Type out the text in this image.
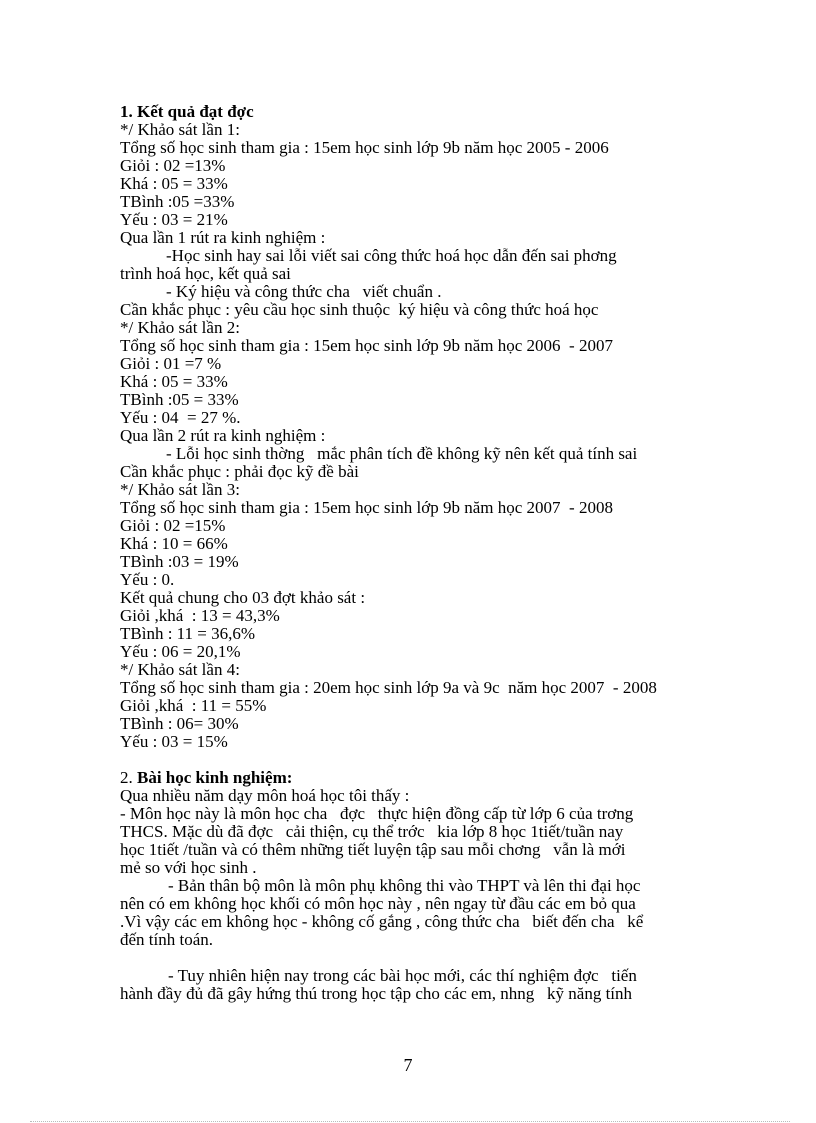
1. Kết quả đạt đợc
*/ Khảo sát lần 1:
Tổng số học sinh tham gia : 15em học sinh lớp 9b năm học 2005 - 2006
Giỏi : 02 =13%
Khá : 05 = 33%
TBình :05 =33%
Yếu : 03 = 21%
Qua lần 1 rút ra kinh nghiệm :
-Học sinh hay sai lỗi viết sai công thức hoá học dẫn đến sai phơng
trình hoá học, kết quả sai
- Ký hiệu và công thức cha   viết chuẩn .
Cần khắc phục : yêu cầu học sinh thuộc  ký hiệu và công thức hoá học
*/ Khảo sát lần 2:
Tổng số học sinh tham gia : 15em học sinh lớp 9b năm học 2006  - 2007
Giỏi : 01 =7 %
Khá : 05 = 33%
TBình :05 = 33%
Yếu : 04  = 27 %.
Qua lần 2 rút ra kinh nghiệm :
- Lỗi học sinh thờng   mắc phân tích đề không kỹ nên kết quả tính sai
Cần khắc phục : phải đọc kỹ đề bài
*/ Khảo sát lần 3:
Tổng số học sinh tham gia : 15em học sinh lớp 9b năm học 2007  - 2008
Giỏi : 02 =15%
Khá : 10 = 66%
TBình :03 = 19%
Yếu : 0.
Kết quả chung cho 03 đợt khảo sát :
Giỏi ,khá  : 13 = 43,3%
TBình : 11 = 36,6%
Yếu : 06 = 20,1%
*/ Khảo sát lần 4:
Tổng số học sinh tham gia : 20em học sinh lớp 9a và 9c  năm học 2007  - 2008
Giỏi ,khá  : 11 = 55%
TBình : 06= 30%
Yếu : 03 = 15%
2. Bài học kinh nghiệm:
Qua nhiều năm dạy môn hoá học tôi thấy :
- Môn học này là môn học cha   đợc   thực hiện đồng cấp từ lớp 6 của trơng
THCS. Mặc dù đã đợc   cải thiện, cụ thể trớc   kia lớp 8 học 1tiết/tuần nay
học 1tiết /tuần và có thêm những tiết luyện tập sau mỗi chơng   vẫn là mới
mẻ so với học sinh .
- Bản thân bộ môn là môn phụ không thi vào THPT và lên thi đại học
nên có em không học khối có môn học này , nên ngay từ đầu các em bỏ qua
.Vì vậy các em không học - không cố gắng , công thức cha   biết đến cha   kể
đến tính toán.
- Tuy nhiên hiện nay trong các bài học mới, các thí nghiệm đợc   tiến
hành đầy đủ đã gây hứng thú trong học tập cho các em, nhng   kỹ năng tính
7
